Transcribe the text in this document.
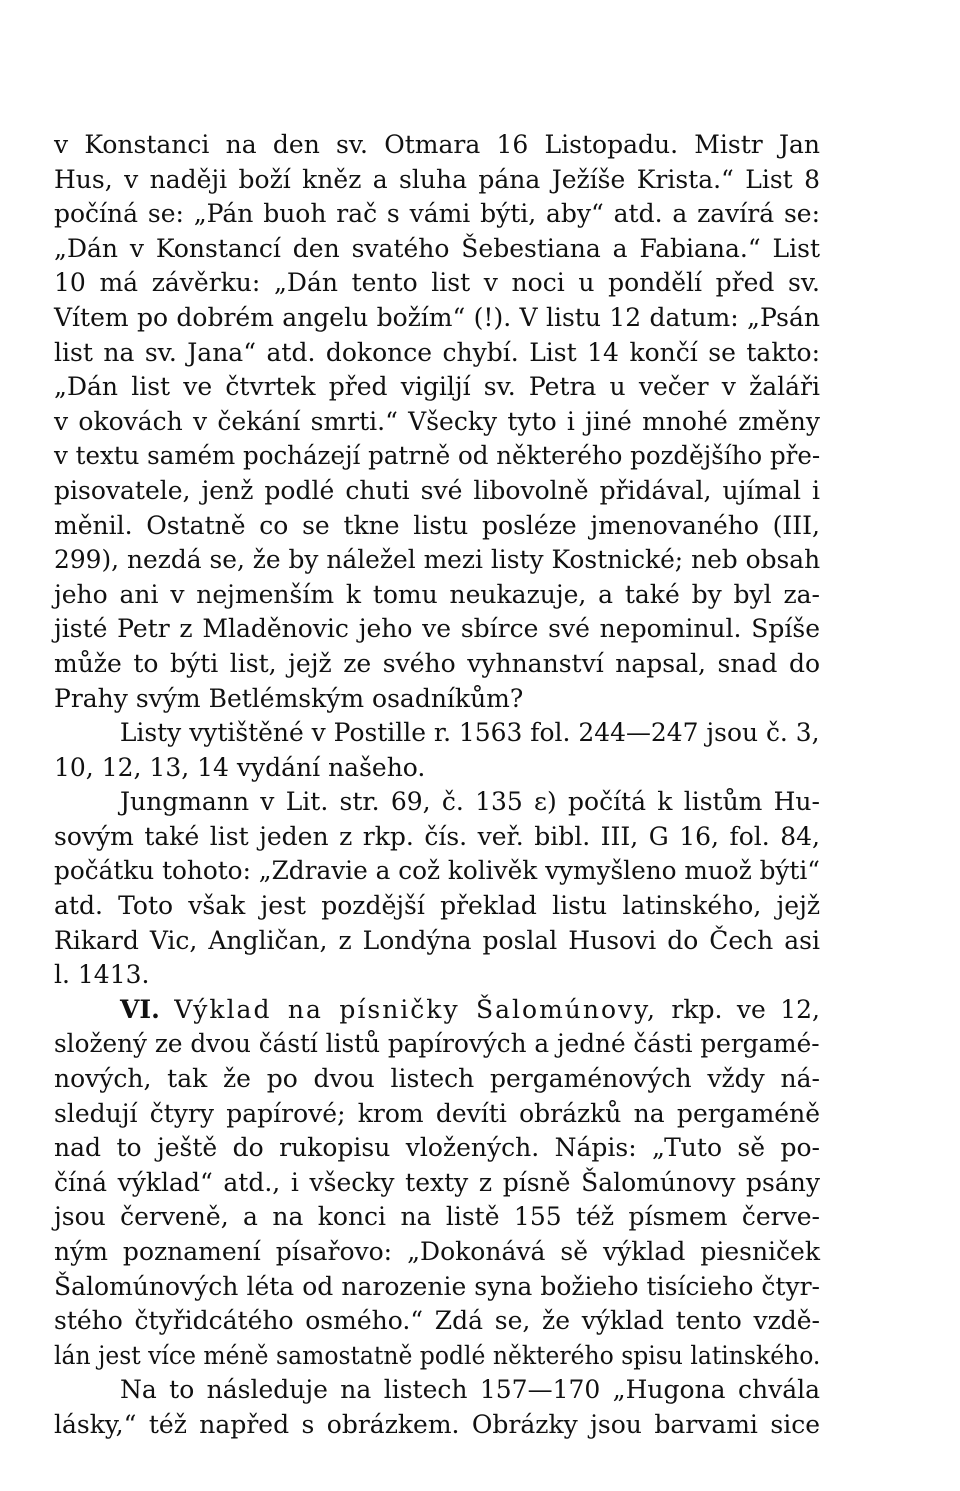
v Konstanci na den sv. Otmara 16 Listopadu. Mistr Jan
Hus, v naději boží kněz a sluha pána Ježíše Krista.“ List 8
počíná se: „Pán buoh rač s vámi býti, aby“ atd. a zavírá se:
„Dán v Konstancí den svatého Šebestiana a Fabiana.“ List
10 má závěrku: „Dán tento list v noci u pondělí před sv.
Vítem po dobrém angelu božím“ (!). V listu 12 datum: „Psán
list na sv. Jana“ atd. dokonce chybí. List 14 končí se takto:
„Dán list ve čtvrtek před vigiljí sv. Petra u večer v žaláři
v okovách v čekání smrti.“ Všecky tyto i jiné mnohé změny
v textu samém pocházejí patrně od některého pozdějšího pře-
pisovatele, jenž podlé chuti své libovolně přidával, ujímal i
měnil. Ostatně co se tkne listu posléze jmenovaného (III,
299), nezdá se, že by náležel mezi listy Kostnické; neb obsah
jeho ani v nejmenším k tomu neukazuje, a také by byl za-
jisté Petr z Mladěnovic jeho ve sbírce své nepominul. Spíše
může to býti list, jejž ze svého vyhnanství napsal, snad do
Prahy svým Betlémským osadníkům?
Listy vytištěné v Postille r. 1563 fol. 244—247 jsou č. 3,
10, 12, 13, 14 vydání našeho.
Jungmann v Lit. str. 69, č. 135 ε) počítá k listům Hu-
sovým také list jeden z rkp. čís. veř. bibl. III, G 16, fol. 84,
počátku tohoto: „Zdravie a což kolivěk vymyšleno muož býti“
atd. Toto však jest pozdější překlad listu latinského, jejž
Rikard Vic, Angličan, z Londýna poslal Husovi do Čech asi
l. 1413.
VI. Výklad na písničky Šalomúnovy, rkp. ve 12,
složený ze dvou částí listů papírových a jedné části pergamé-
nových, tak že po dvou listech pergaménových vždy ná-
sledují čtyry papírové; krom devíti obrázků na pergaméně
nad to ještě do rukopisu vložených. Nápis: „Tuto sě po-
číná výklad“ atd., i všecky texty z písně Šalomúnovy psány
jsou červeně, a na konci na listě 155 též písmem červe-
ným poznamení písařovo: „Dokonává sě výklad piesniček
Šalomúnových léta od narozenie syna božieho tisícieho čtyr-
stého čtyřidcátého osmého.“ Zdá se, že výklad tento vzdě-
lán jest více méně samostatně podlé některého spisu latinského.
Na to následuje na listech 157—170 „Hugona chvála
lásky,“ též napřed s obrázkem. Obrázky jsou barvami sice
